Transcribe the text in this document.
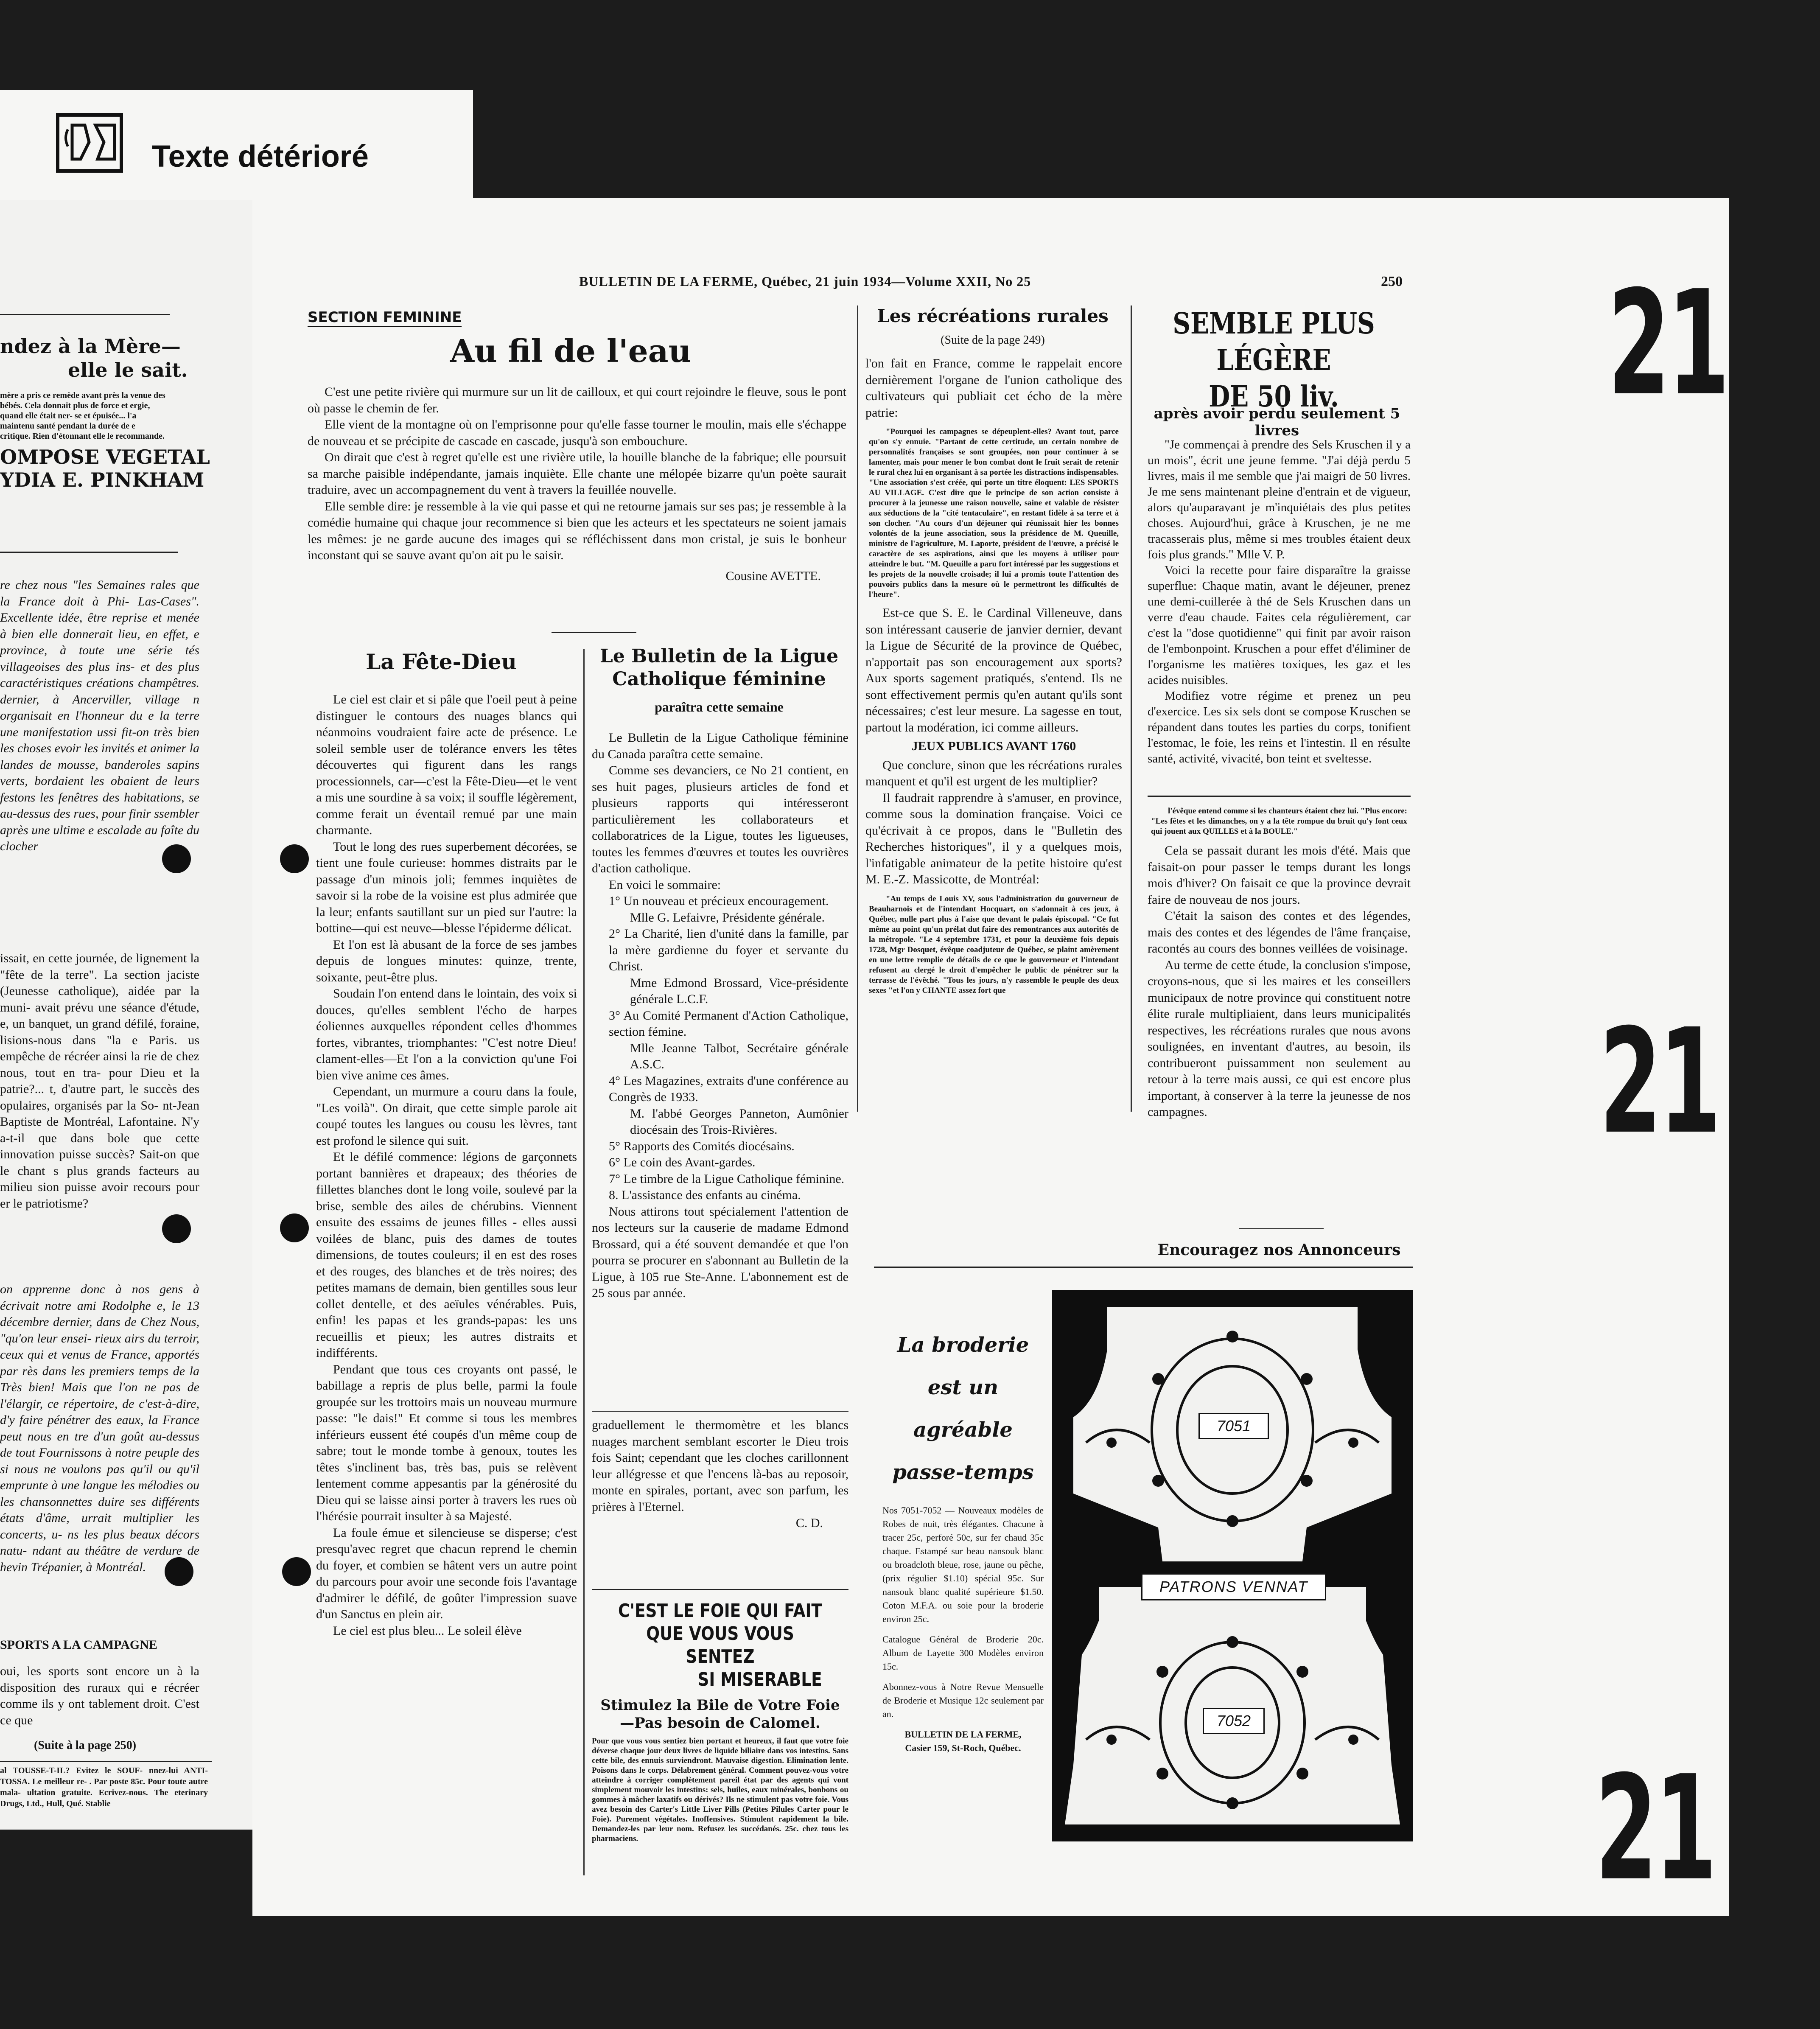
Texte détérioré
BULLETIN DE LA FERME, Québec, 21 juin 1934—Volume XXII, No 25	250 21
21
21
ndez à la Mère—
elle le sait.
mère a pris ce remède avant près la venue des bébés. Cela donnait plus de force et ergie, quand elle était ner- se et épuisée... l'a maintenu santé pendant la durée de e critique. Rien d'étonnant elle le recommande.
OMPOSE VEGETAL
YDIA E. PINKHAM
re chez nous "les Semaines rales que la France doit à Phi- Las-Cases". Excellente idée, être reprise et menée à bien elle donnerait lieu, en effet, e province, à toute une série tés villageoises des plus ins- et des plus caractéristiques créations champêtres. dernier, à Ancerviller, village n organisait en l'honneur du e la terre une manifestation ussi fit-on très bien les choses evoir les invités et animer la landes de mousse, banderoles sapins verts, bordaient les obaient de leurs festons les fenêtres des habitations, se au-dessus des rues, pour finir ssembler après une ultime e escalade au faîte du clocher
issait, en cette journée, de lignement la "fête de la terre". La section jaciste (Jeunesse catholique), aidée par la muni- avait prévu une séance d'étude, e, un banquet, un grand défilé, foraine, lisions-nous dans "la e Paris. us empêche de récréer ainsi la rie de chez nous, tout en tra- pour Dieu et la patrie?... t, d'autre part, le succès des opulaires, organisés par la So- nt-Jean Baptiste de Montréal, Lafontaine. N'y a-t-il que dans bole que cette innovation puisse succès? Sait-on que le chant s plus grands facteurs au milieu sion puisse avoir recours pour er le patriotisme?
on apprenne donc à nos gens à écrivait notre ami Rodolphe e, le 13 décembre dernier, dans de Chez Nous, "qu'on leur ensei- rieux airs du terroir, ceux qui et venus de France, apportés par rès dans les premiers temps de la Très bien! Mais que l'on ne pas de l'élargir, ce répertoire, de c'est-à-dire, d'y faire pénétrer des eaux, la France peut nous en tre d'un goût au-dessus de tout Fournissons à notre peuple des si nous ne voulons pas qu'il ou qu'il emprunte à une langue les mélodies ou les chansonnettes duire ses différents états d'âme, urrait multiplier les concerts, u- ns les plus beaux décors natu- ndant au théâtre de verdure de hevin Trépanier, à Montréal.
SPORTS A LA CAMPAGNE
oui, les sports sont encore un à la disposition des ruraux qui e récréer comme ils y ont tablement droit. C'est ce que
(Suite à la page 250)
al TOUSSE-T-IL? Evitez le SOUF- nnez-lui ANTI-TOSSA. Le meilleur re- . Par poste 85c. Pour toute autre mala- ultation gratuite. Ecrivez-nous. The eterinary Drugs, Ltd., Hull, Qué. Stablie
SECTION FEMININE
Au fil de l'eau

C'est une petite rivière qui murmure sur un lit de cailloux, et qui court rejoindre le fleuve, sous le pont où passe le chemin de fer.

Elle vient de la montagne où on l'emprisonne pour qu'elle fasse tourner le moulin, mais elle s'échappe de nouveau et se précipite de cascade en cascade, jusqu'à son embouchure.

On dirait que c'est à regret qu'elle est une rivière utile, la houille blanche de la fabrique; elle poursuit sa marche paisible indépendante, jamais inquiète. Elle chante une mélopée bizarre qu'un poète saurait traduire, avec un accompagnement du vent à travers la feuillée nouvelle.

Elle semble dire: je ressemble à la vie qui passe et qui ne retourne jamais sur ses pas; je ressemble à la comédie humaine qui chaque jour recommence si bien que les acteurs et les spectateurs ne soient jamais les mêmes: je ne garde aucune des images qui se réfléchissent dans mon cristal, je suis le bonheur inconstant qui se sauve avant qu'on ait pu le saisir.

Cousine AVETTE.

La Fête-Dieu

Le ciel est clair et si pâle que l'oeil peut à peine distinguer le contours des nuages blancs qui néanmoins voudraient faire acte de présence. Le soleil semble user de tolérance envers les têtes découvertes qui figurent dans les rangs processionnels, car—c'est la Fête-Dieu—et le vent a mis une sourdine à sa voix; il souffle légèrement, comme ferait un éventail remué par une main charmante.

Tout le long des rues superbement décorées, se tient une foule curieuse: hommes distraits par le passage d'un minois joli; femmes inquiètes de savoir si la robe de la voisine est plus admirée que la leur; enfants sautillant sur un pied sur l'autre: la bottine—qui est neuve—blesse l'épiderme délicat.

Et l'on est là abusant de la force de ses jambes depuis de longues minutes: quinze, trente, soixante, peut-être plus.

Soudain l'on entend dans le lointain, des voix si douces, qu'elles semblent l'écho de harpes éoliennes auxquelles répondent celles d'hommes fortes, vibrantes, triomphantes: "C'est notre Dieu! clament-elles—Et l'on a la conviction qu'une Foi bien vive anime ces âmes.

Cependant, un murmure a couru dans la foule, "Les voilà". On dirait, que cette simple parole ait coupé toutes les langues ou cousu les lèvres, tant est profond le silence qui suit.

Et le défilé commence: légions de garçonnets portant bannières et drapeaux; des théories de fillettes blanches dont le long voile, soulevé par la brise, semble des ailes de chérubins. Viennent ensuite des essaims de jeunes filles - elles aussi voilées de blanc, puis des dames de toutes dimensions, de toutes couleurs; il en est des roses et des rouges, des blanches et de très noires; des petites mamans de demain, bien gentilles sous leur collet dentelle, et des aeïules vénérables. Puis, enfin! les papas et les grands-papas: les uns recueillis et pieux; les autres distraits et indifférents.

Pendant que tous ces croyants ont passé, le babillage a repris de plus belle, parmi la foule groupée sur les trottoirs mais un nouveau murmure passe: "le dais!" Et comme si tous les membres inférieurs eussent été coupés d'un même coup de sabre; tout le monde tombe à genoux, toutes les têtes s'inclinent bas, très bas, puis se relèvent lentement comme appesantis par la générosité du Dieu qui se laisse ainsi porter à travers les rues où l'hérésie pourrait insulter à sa Majesté.

La foule émue et silencieuse se disperse; c'est presqu'avec regret que chacun reprend le chemin du foyer, et combien se hâtent vers un autre point du parcours pour avoir une seconde fois l'avantage d'admirer le défilé, de goûter l'impression suave d'un Sanctus en plein air.

Le ciel est plus bleu... Le soleil élève

Le Bulletin de la Ligue
Catholique féminine
paraîtra cette semaine

Le Bulletin de la Ligue Catholique féminine du Canada paraîtra cette semaine.

Comme ses devanciers, ce No 21 contient, en ses huit pages, plusieurs articles de fond et plusieurs rapports qui intéresseront particulièrement les collaborateurs et collaboratrices de la Ligue, toutes les ligueuses, toutes les femmes d'œuvres et toutes les ouvrières d'action catholique.

En voici le sommaire:

1° Un nouveau et précieux encouragement.

Mlle G. Lefaivre, Présidente générale.

2° La Charité, lien d'unité dans la famille, par la mère gardienne du foyer et servante du Christ.

Mme Edmond Brossard, Vice-présidente générale L.C.F.

3° Au Comité Permanent d'Action Catholique, section fémine.

Mlle Jeanne Talbot, Secrétaire générale A.S.C.

4° Les Magazines, extraits d'une conférence au Congrès de 1933.

M. l'abbé Georges Panneton, Aumônier diocésain des Trois-Rivières.

5° Rapports des Comités diocésains.

6° Le coin des Avant-gardes.

7° Le timbre de la Ligue Catholique féminine.

8. L'assistance des enfants au cinéma.

Nous attirons tout spécialement l'attention de nos lecteurs sur la causerie de madame Edmond Brossard, qui a été souvent demandée et que l'on pourra se procurer en s'abonnant au Bulletin de la Ligue, à 105 rue Ste-Anne. L'abonnement est de 25 sous par année.

graduellement le thermomètre et les blancs nuages marchent semblant escorter le Dieu trois fois Saint; cependant que les cloches carillonnent leur allégresse et que l'encens là-bas au reposoir, monte en spirales, portant, avec son parfum, les prières à l'Eternel.

C. D.

C'EST LE FOIE QUI FAIT
QUE VOUS VOUS SENTEZ
SI MISERABLE
Stimulez la Bile de Votre Foie
—Pas besoin de Calomel.
Pour que vous vous sentiez bien portant et heureux, il faut que votre foie déverse chaque jour deux livres de liquide biliaire dans vos intestins. Sans cette bile, des ennuis surviendront. Mauvaise digestion. Elimination lente. Poisons dans le corps. Délabrement général. Comment pouvez-vous votre atteindre à corriger complètement pareil état par des agents qui vont simplement mouvoir les intestins: sels, huiles, eaux minérales, bonbons ou gommes à mâcher laxatifs ou dérivés? Ils ne stimulent pas votre foie. Vous avez besoin des Carter's Little Liver Pills (Petites Pilules Carter pour le Foie). Purement végétales. Inoffensives. Stimulent rapidement la bile. Demandez-les par leur nom. Refusez les succédanés. 25c. chez tous les pharmaciens.
Les récréations rurales
(Suite de la page 249)

l'on fait en France, comme le rappelait encore dernièrement l'organe de l'union catholique des cultivateurs qui publiait cet écho de la mère patrie:

"Pourquoi les campagnes se dépeuplent-elles? Avant tout, parce qu'on s'y ennuie. "Partant de cette certitude, un certain nombre de personnalités françaises se sont groupées, non pour continuer à se lamenter, mais pour mener le bon combat dont le fruit serait de retenir le rural chez lui en organisant à sa portée les distractions indispensables. "Une association s'est créée, qui porte un titre éloquent: LES SPORTS AU VILLAGE. C'est dire que le principe de son action consiste à procurer à la jeunesse une raison nouvelle, saine et valable de résister aux séductions de la "cité tentaculaire", en restant fidèle à sa terre et à son clocher. "Au cours d'un déjeuner qui réunissait hier les bonnes volontés de la jeune association, sous la présidence de M. Queuille, ministre de l'agriculture, M. Laporte, président de l'œuvre, a précisé le caractère de ses aspirations, ainsi que les moyens à utiliser pour atteindre le but. "M. Queuille a paru fort intéressé par les suggestions et les projets de la nouvelle croisade; il lui a promis toute l'attention des pouvoirs publics dans la mesure où le permettront les difficultés de l'heure".

Est-ce que S. E. le Cardinal Villeneuve, dans son intéressant causerie de janvier dernier, devant la Ligue de Sécurité de la province de Québec, n'apportait pas son encouragement aux sports? Aux sports sagement pratiqués, s'entend. Ils ne sont effectivement permis qu'en autant qu'ils sont nécessaires; c'est leur mesure. La sagesse en tout, partout la modération, ici comme ailleurs.

JEUX PUBLICS AVANT 1760

Que conclure, sinon que les récréations rurales manquent et qu'il est urgent de les multiplier?

Il faudrait rapprendre à s'amuser, en province, comme sous la domination française. Voici ce qu'écrivait à ce propos, dans le "Bulletin des Recherches historiques", il y a quelques mois, l'infatigable animateur de la petite histoire qu'est M. E.-Z. Massicotte, de Montréal:

"Au temps de Louis XV, sous l'administration du gouverneur de Beauharnois et de l'intendant Hocquart, on s'adonnait à ces jeux, à Québec, nulle part plus à l'aise que devant le palais épiscopal. "Ce fut même au point qu'un prélat dut faire des remontrances aux autorités de la métropole. "Le 4 septembre 1731, et pour la deuxième fois depuis 1728, Mgr Dosquet, évêque coadjuteur de Québec, se plaint amèrement en une lettre remplie de détails de ce que le gouverneur et l'intendant refusent au clergé le droit d'empêcher le public de pénétrer sur la terrasse de l'évêché. "Tous les jours, n'y rassemble le peuple des deux sexes "et l'on y CHANTE assez fort que

SEMBLE PLUS LÉGÈRE
DE 50 liv.
après avoir perdu seulement 5 livres

"Je commençai à prendre des Sels Kruschen il y a un mois", écrit une jeune femme. "J'ai déjà perdu 5 livres, mais il me semble que j'ai maigri de 50 livres. Je me sens maintenant pleine d'entrain et de vigueur, alors qu'auparavant je m'inquiétais des plus petites choses. Aujourd'hui, grâce à Kruschen, je ne me tracasserais plus, même si mes troubles étaient deux fois plus grands." Mlle V. P.

Voici la recette pour faire disparaître la graisse superflue: Chaque matin, avant le déjeuner, prenez une demi-cuillerée à thé de Sels Kruschen dans un verre d'eau chaude. Faites cela régulièrement, car c'est la "dose quotidienne" qui finit par avoir raison de l'embonpoint. Kruschen a pour effet d'éliminer de l'organisme les matières toxiques, les gaz et les acides nuisibles.

Modifiez votre régime et prenez un peu d'exercice. Les six sels dont se compose Kruschen se répandent dans toutes les parties du corps, tonifient l'estomac, le foie, les reins et l'intestin. Il en résulte santé, activité, vivacité, bon teint et sveltesse.

l'évêque entend comme si les chanteurs étaient chez lui. "Plus encore: "Les fêtes et les dimanches, on y a la tête rompue du bruit qu'y font ceux qui jouent aux QUILLES et à la BOULE."

Cela se passait durant les mois d'été. Mais que faisait-on pour passer le temps durant les longs mois d'hiver? On faisait ce que la province devrait faire de nouveau de nos jours.

C'était la saison des contes et des légendes, mais des contes et des légendes de l'âme française, racontés au cours des bonnes veillées de voisinage.

Au terme de cette étude, la conclusion s'impose, croyons-nous, que si les maires et les conseillers municipaux de notre province qui constituent notre élite rurale multipliaient, dans leurs municipalités respectives, les récréations rurales que nous avons soulignées, en inventant d'autres, au besoin, ils contribueront puissamment non seulement au retour à la terre mais aussi, ce qui est encore plus important, à conserver à la terre la jeunesse de nos campagnes.

Encouragez nos Annonceurs
La broderie
est un
agréable
passe-temps
Nos 7051-7052 — Nouveaux modèles de Robes de nuit, très élégantes. Chacune à tracer 25c, perforé 50c, sur fer chaud 35c chaque. Estampé sur beau nansouk blanc ou broadcloth bleue, rose, jaune ou pêche, (prix régulier $1.10) spécial 95c. Sur nansouk blanc qualité supérieure $1.50. Coton M.F.A. ou soie pour la broderie environ 25c.
Catalogue Général de Broderie 20c. Album de Layette 300 Modèles environ 15c.
Abonnez-vous à Notre Revue Mensuelle de Broderie et Musique 12c seulement par an.
BULLETIN DE LA FERME,
Casier 159, St-Roch, Québec.
7051
PATRONS VENNAT
7052
